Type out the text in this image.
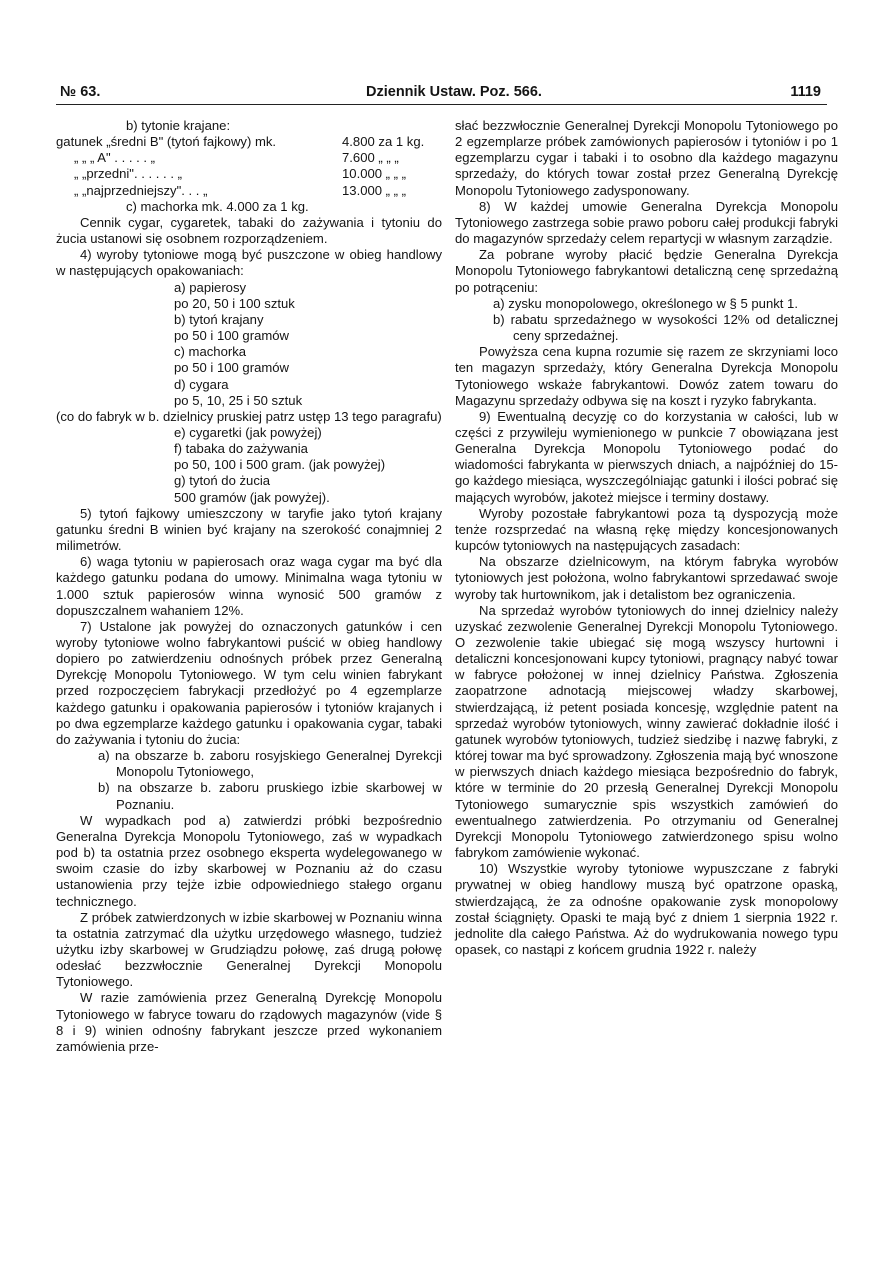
№ 63.	Dziennik Ustaw. Poz. 566.	1119

b) tytonie krajane:

gatunek „średni B" (tytoń fajkowy) mk.	4.800 za 1 kg.
„ „ „ A" . . . . . „	7.600 „ „ „
„ „przedni". . . . . . „	10.000 „ „ „
„ „najprzedniejszy". . . „	13.000 „ „ „

c) machorka mk. 4.000 za 1 kg.

Cennik cygar, cygaretek, tabaki do zażywania i tytoniu do żucia ustanowi się osobnem rozporządzeniem.

4) wyroby tytoniowe mogą być puszczone w obieg handlowy w następujących opakowaniach:

a) papierosy

po 20, 50 i 100 sztuk

b) tytoń krajany

po 50 i 100 gramów

c) machorka

po 50 i 100 gramów

d) cygara

po 5, 10, 25 i 50 sztuk

(co do fabryk w b. dzielnicy pruskiej patrz ustęp 13 tego paragrafu)

e) cygaretki (jak powyżej)

f) tabaka do zażywania

po 50, 100 i 500 gram. (jak powyżej)

g) tytoń do żucia

500 gramów (jak powyżej).

5) tytoń fajkowy umieszczony w taryfie jako tytoń krajany gatunku średni B winien być krajany na szerokość conajmniej 2 milimetrów.

6) waga tytoniu w papierosach oraz waga cygar ma być dla każdego gatunku podana do umowy. Minimalna waga tytoniu w 1.000 sztuk papierosów winna wynosić 500 gramów z dopuszczalnem wahaniem 12%.

7) Ustalone jak powyżej do oznaczonych gatunków i cen wyroby tytoniowe wolno fabrykantowi puścić w obieg handlowy dopiero po zatwierdzeniu odnośnych próbek przez Generalną Dyrekcję Monopolu Tytoniowego. W tym celu winien fabrykant przed rozpoczęciem fabrykacji przedłożyć po 4 egzemplarze każdego gatunku i opakowania papierosów i tytoniów krajanych i po dwa egzemplarze każdego gatunku i opakowania cygar, tabaki do zażywania i tytoniu do żucia:

a) na obszarze b. zaboru rosyjskiego Generalnej Dyrekcji Monopolu Tytoniowego,

b) na obszarze b. zaboru pruskiego izbie skarbowej w Poznaniu.

W wypadkach pod a) zatwierdzi próbki bezpośrednio Generalna Dyrekcja Monopolu Tytoniowego, zaś w wypadkach pod b) ta ostatnia przez osobnego eksperta wydelegowanego w swoim czasie do izby skarbowej w Poznaniu aż do czasu ustanowienia przy tejże izbie odpowiedniego stałego organu technicznego.

Z próbek zatwierdzonych w izbie skarbowej w Poznaniu winna ta ostatnia zatrzymać dla użytku urzędowego własnego, tudzież użytku izby skarbowej w Grudziądzu połowę, zaś drugą połowę odesłać bezzwłocznie Generalnej Dyrekcji Monopolu Tytoniowego.

W razie zamówienia przez Generalną Dyrekcję Monopolu Tytoniowego w fabryce towaru do rządowych magazynów (vide § 8 i 9) winien odnośny fabrykant jeszcze przed wykonaniem zamówienia prze-

słać bezzwłocznie Generalnej Dyrekcji Monopolu Tytoniowego po 2 egzemplarze próbek zamówionych papierosów i tytoniów i po 1 egzemplarzu cygar i tabaki i to osobno dla każdego magazynu sprzedaży, do których towar został przez Generalną Dyrekcję Monopolu Tytoniowego zadysponowany.

8) W każdej umowie Generalna Dyrekcja Monopolu Tytoniowego zastrzega sobie prawo poboru całej produkcji fabryki do magazynów sprzedaży celem repartycji w własnym zarządzie.

Za pobrane wyroby płacić będzie Generalna Dyrekcja Monopolu Tytoniowego fabrykantowi detaliczną cenę sprzedażną po potrąceniu:

a) zysku monopolowego, określonego w § 5 punkt 1.

b) rabatu sprzedażnego w wysokości 12% od detalicznej ceny sprzedażnej.

Powyższa cena kupna rozumie się razem ze skrzyniami loco ten magazyn sprzedaży, który Generalna Dyrekcja Monopolu Tytoniowego wskaże fabrykantowi. Dowóz zatem towaru do Magazynu sprzedaży odbywa się na koszt i ryzyko fabrykanta.

9) Ewentualną decyzję co do korzystania w całości, lub w części z przywileju wymienionego w punkcie 7 obowiązana jest Generalna Dyrekcja Monopolu Tytoniowego podać do wiadomości fabrykanta w pierwszych dniach, a najpóźniej do 15-go każdego miesiąca, wyszczególniając gatunki i ilości pobrać się mających wyrobów, jakoteż miejsce i terminy dostawy.

Wyroby pozostałe fabrykantowi poza tą dyspozycją może tenże rozsprzedać na własną rękę między koncesjonowanych kupców tytoniowych na następujących zasadach:

Na obszarze dzielnicowym, na którym fabryka wyrobów tytoniowych jest położona, wolno fabrykantowi sprzedawać swoje wyroby tak hurtownikom, jak i detalistom bez ograniczenia.

Na sprzedaż wyrobów tytoniowych do innej dzielnicy należy uzyskać zezwolenie Generalnej Dyrekcji Monopolu Tytoniowego. O zezwolenie takie ubiegać się mogą wszyscy hurtowni i detaliczni koncesjonowani kupcy tytoniowi, pragnący nabyć towar w fabryce położonej w innej dzielnicy Państwa. Zgłoszenia zaopatrzone adnotacją miejscowej władzy skarbowej, stwierdzającą, iż petent posiada koncesję, względnie patent na sprzedaż wyrobów tytoniowych, winny zawierać dokładnie ilość i gatunek wyrobów tytoniowych, tudzież siedzibę i nazwę fabryki, z której towar ma być sprowadzony. Zgłoszenia mają być wnoszone w pierwszych dniach każdego miesiąca bezpośrednio do fabryk, które w terminie do 20 przesłą Generalnej Dyrekcji Monopolu Tytoniowego sumarycznie spis wszystkich zamówień do ewentualnego zatwierdzenia. Po otrzymaniu od Generalnej Dyrekcji Monopolu Tytoniowego zatwierdzonego spisu wolno fabrykom zamówienie wykonać.

10) Wszystkie wyroby tytoniowe wypuszczane z fabryki prywatnej w obieg handlowy muszą być opatrzone opaską, stwierdzającą, że za odnośne opakowanie zysk monopolowy został ściągnięty. Opaski te mają być z dniem 1 sierpnia 1922 r. jednolite dla całego Państwa. Aż do wydrukowania nowego typu opasek, co nastąpi z końcem grudnia 1922 r. należy
